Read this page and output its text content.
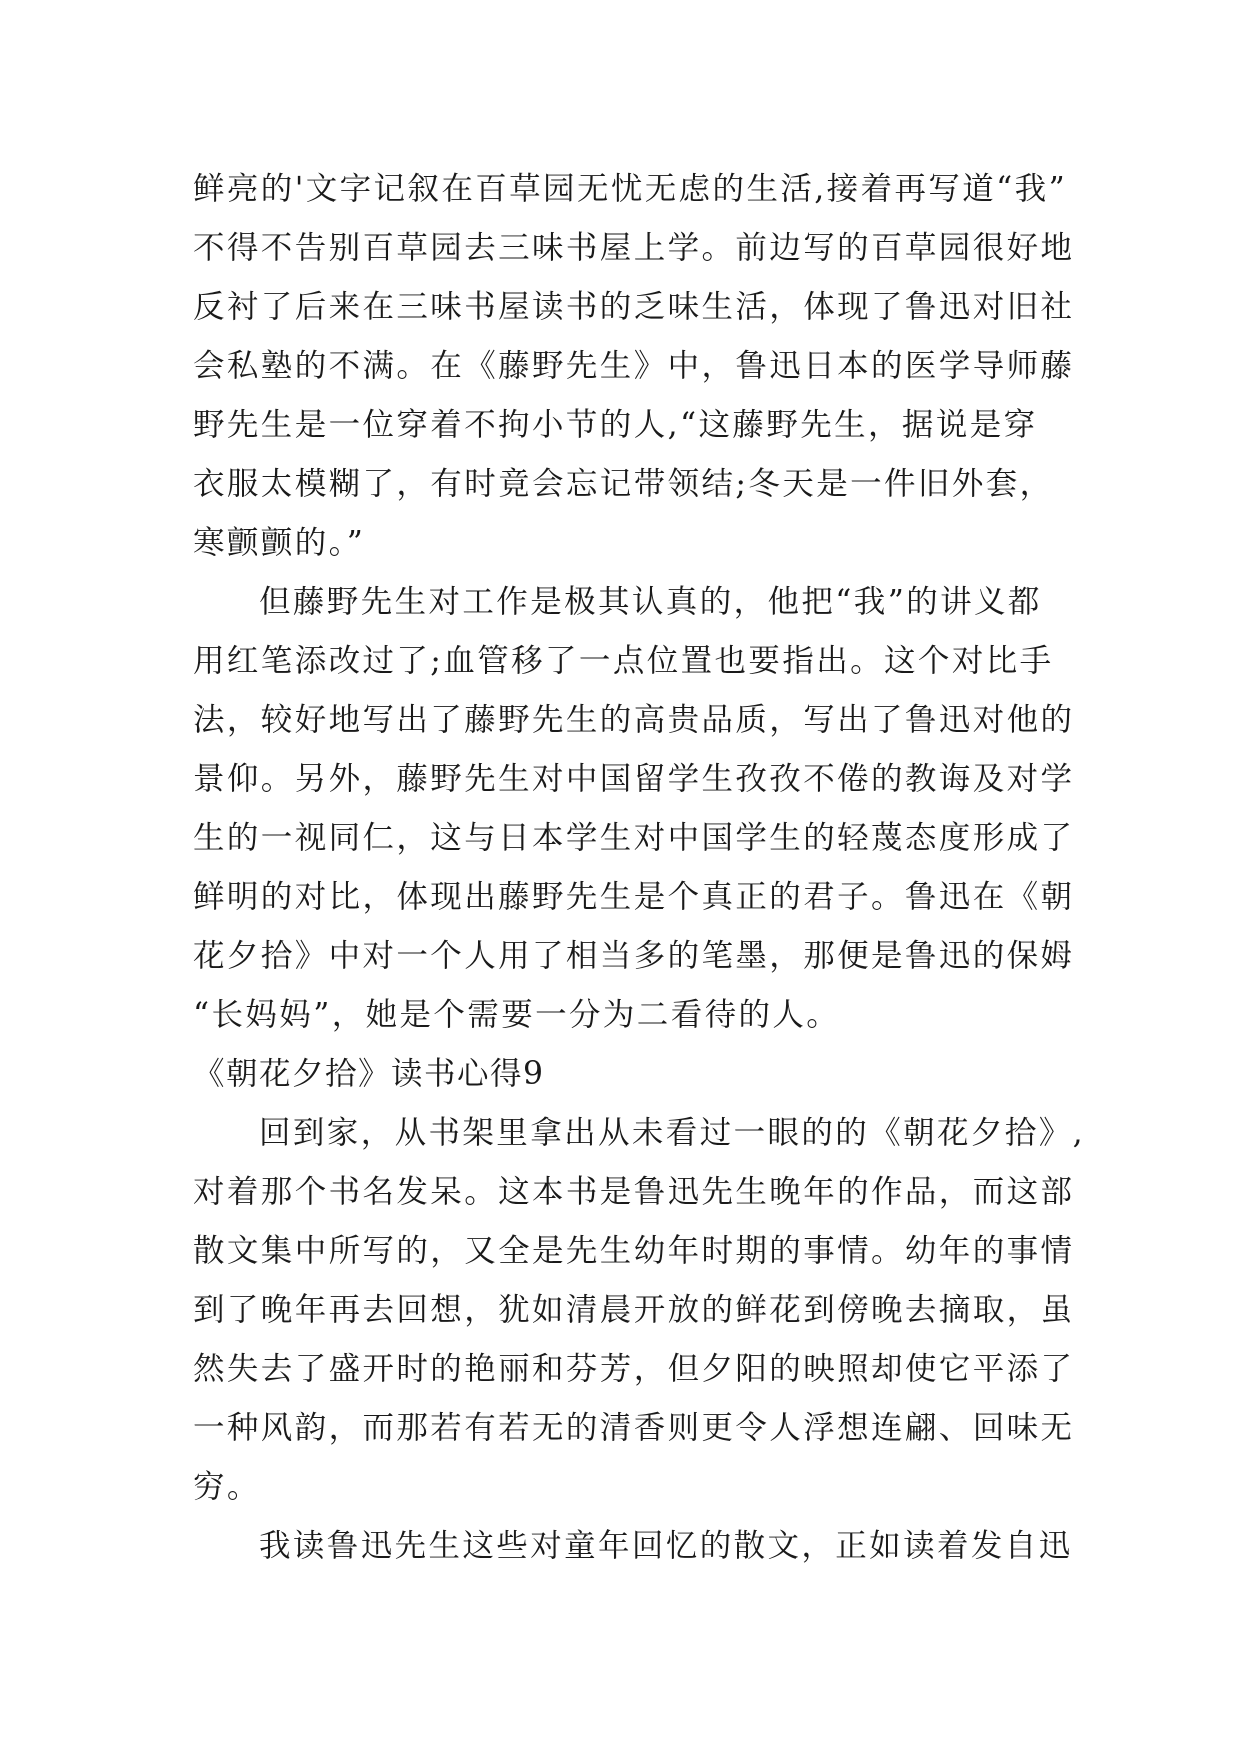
鲜亮的'文字记叙在百草园无忧无虑的生活,接着再写道“我”
不得不告别百草园去三味书屋上学。前边写的百草园很好地
反衬了后来在三味书屋读书的乏味生活，体现了鲁迅对旧社
会私塾的不满。在《藤野先生》中，鲁迅日本的医学导师藤
野先生是一位穿着不拘小节的人,“这藤野先生，据说是穿
衣服太模糊了，有时竟会忘记带领结;冬天是一件旧外套，
寒颤颤的。”
但藤野先生对工作是极其认真的，他把“我”的讲义都
用红笔添改过了;血管移了一点位置也要指出。这个对比手
法，较好地写出了藤野先生的高贵品质，写出了鲁迅对他的
景仰。另外，藤野先生对中国留学生孜孜不倦的教诲及对学
生的一视同仁，这与日本学生对中国学生的轻蔑态度形成了
鲜明的对比，体现出藤野先生是个真正的君子。鲁迅在《朝
花夕拾》中对一个人用了相当多的笔墨，那便是鲁迅的保姆
“长妈妈”，她是个需要一分为二看待的人。
《朝花夕拾》读书心得9
回到家，从书架里拿出从未看过一眼的的《朝花夕拾》,
对着那个书名发呆。这本书是鲁迅先生晚年的作品，而这部
散文集中所写的，又全是先生幼年时期的事情。幼年的事情
到了晚年再去回想，犹如清晨开放的鲜花到傍晚去摘取，虽
然失去了盛开时的艳丽和芬芳，但夕阳的映照却使它平添了
一种风韵，而那若有若无的清香则更令人浮想连翩、回味无
穷。
我读鲁迅先生这些对童年回忆的散文，正如读着发自迅
